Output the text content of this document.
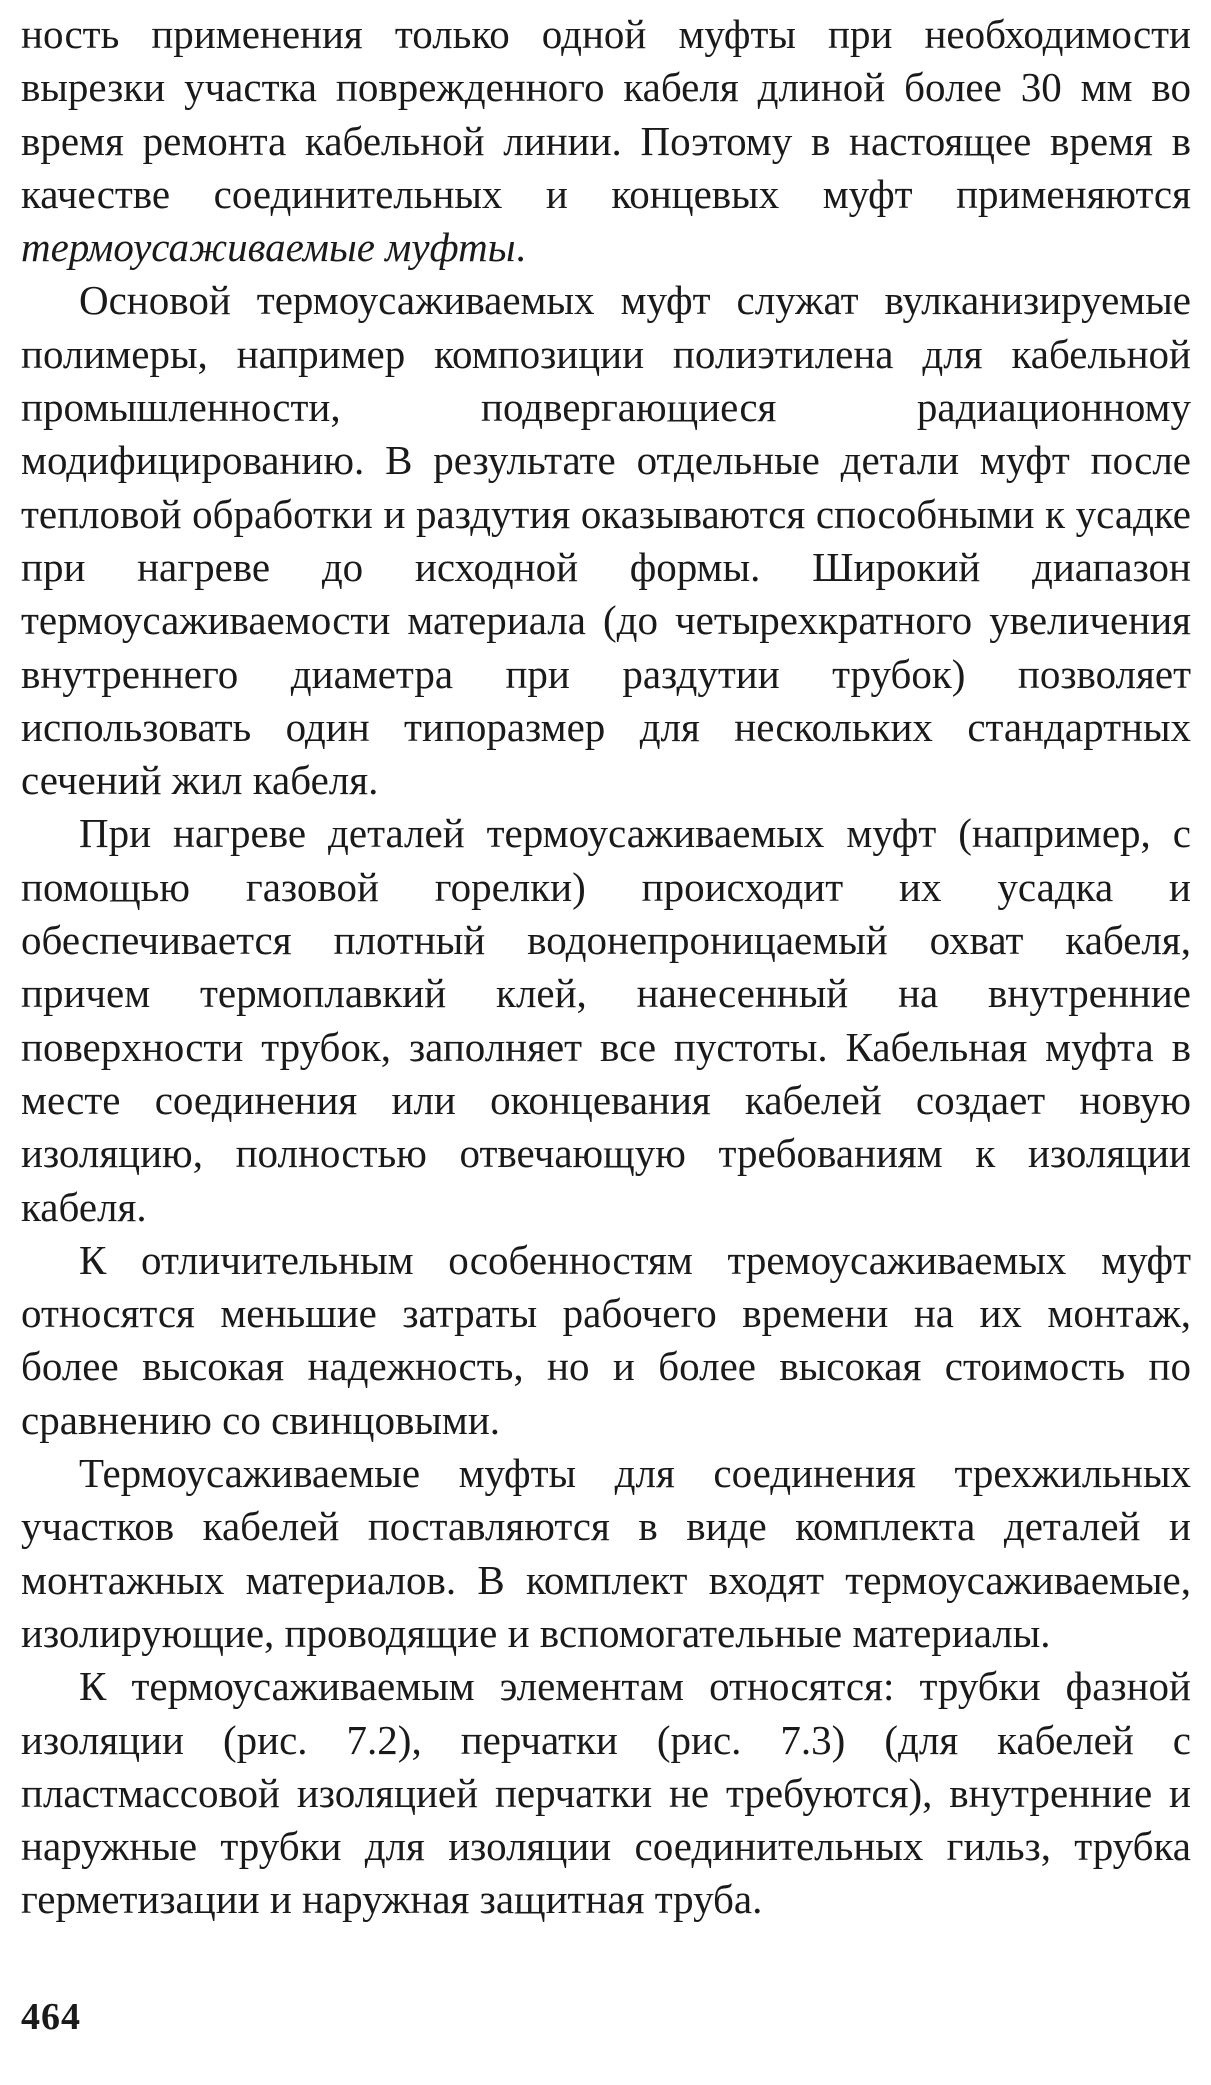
ность применения только одной муфты при необходимости вырезки участка поврежденного кабеля длиной более 30 мм во время ремонта кабельной линии. Поэтому в настоящее время в качестве соединительных и концевых муфт применяются термоусаживаемые муфты.

Основой термоусаживаемых муфт служат вулканизируемые полимеры, например композиции полиэтилена для кабельной промышленности, подвергающиеся радиационному модифицированию. В результате отдельные детали муфт после тепловой обработки и раздутия оказываются способными к усадке при нагреве до исходной формы. Широкий диапазон термоусаживаемости материала (до четырехкратного увеличения внутреннего диаметра при раздутии трубок) позволяет использовать один типоразмер для нескольких стандартных сечений жил кабеля.

При нагреве деталей термоусаживаемых муфт (например, с помощью газовой горелки) происходит их усадка и обеспечивается плотный водонепроницаемый охват кабеля, причем термоплавкий клей, нанесенный на внутренние поверхности трубок, заполняет все пустоты. Кабельная муфта в месте соединения или оконцевания кабелей создает новую изоляцию, полностью отвечающую требованиям к изоляции кабеля.

К отличительным особенностям тремоусаживаемых муфт относятся меньшие затраты рабочего времени на их монтаж, более высокая надежность, но и более высокая стоимость по сравнению со свинцовыми.

Термоусаживаемые муфты для соединения трехжильных участков кабелей поставляются в виде комплекта деталей и монтажных материалов. В комплект входят термоусаживаемые, изолирующие, проводящие и вспомогательные материалы.

К термоусаживаемым элементам относятся: трубки фазной изоляции (рис. 7.2), перчатки (рис. 7.3) (для кабелей с пластмассовой изоляцией перчатки не требуются), внутренние и наружные трубки для изоляции соединительных гильз, трубка герметизации и наружная защитная труба.

464
